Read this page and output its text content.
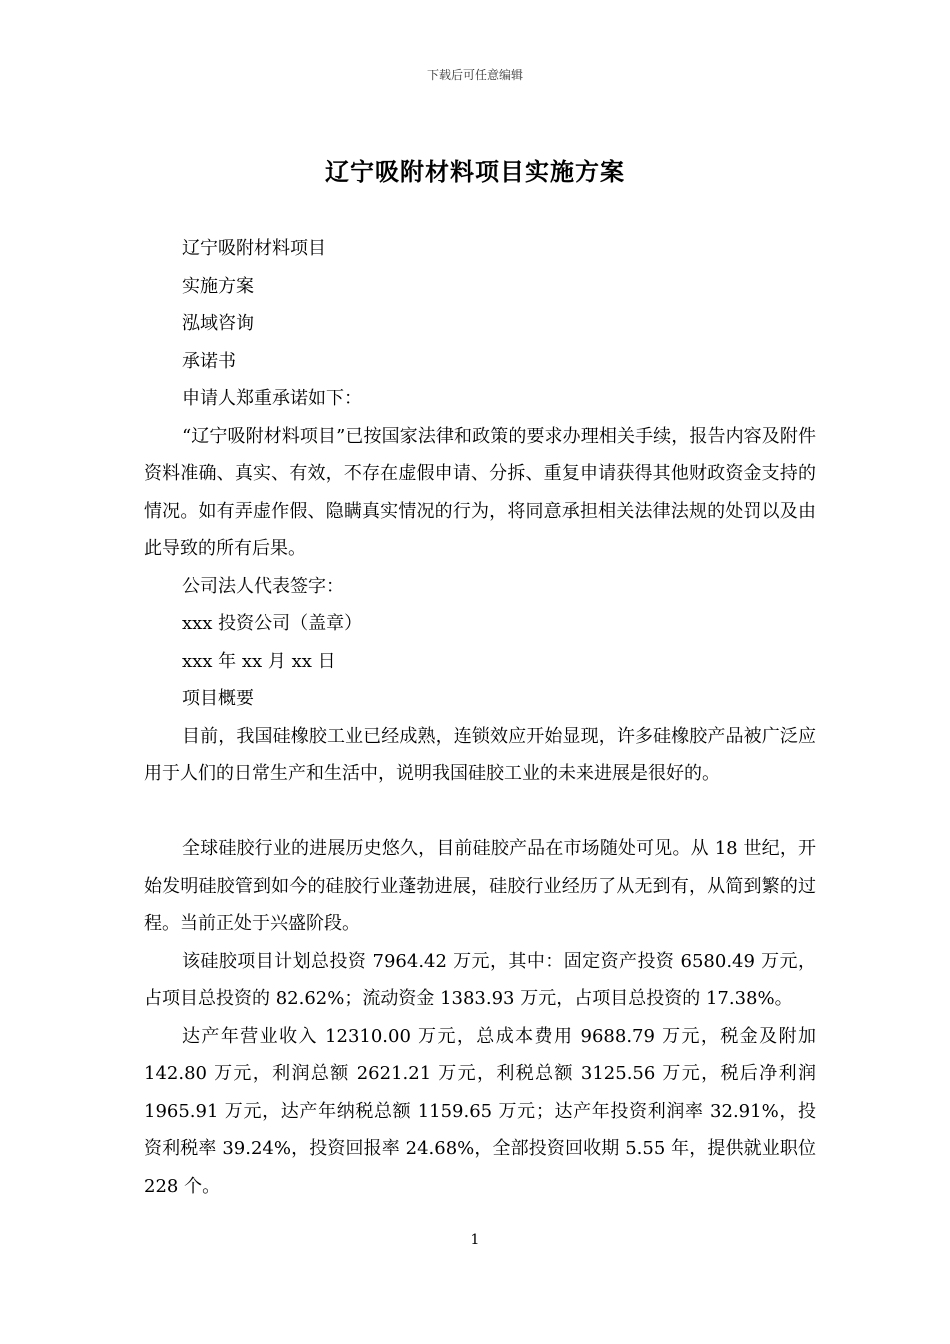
下载后可任意编辑
辽宁吸附材料项目实施方案

辽宁吸附材料项目

实施方案

泓域咨询

承诺书

申请人郑重承诺如下：

“辽宁吸附材料项目”已按国家法律和政策的要求办理相关手续，报告内容及附件资料准确、真实、有效，不存在虚假申请、分拆、重复申请获得其他财政资金支持的情况。如有弄虚作假、隐瞒真实情况的行为，将同意承担相关法律法规的处罚以及由此导致的所有后果。

公司法人代表签字：

xxx 投资公司（盖章）

xxx 年 xx 月 xx 日

项目概要

目前，我国硅橡胶工业已经成熟，连锁效应开始显现，许多硅橡胶产品被广泛应用于人们的日常生产和生活中，说明我国硅胶工业的未来进展是很好的。

全球硅胶行业的进展历史悠久，目前硅胶产品在市场随处可见。从 18 世纪，开始发明硅胶管到如今的硅胶行业蓬勃进展，硅胶行业经历了从无到有，从简到繁的过程。当前正处于兴盛阶段。

该硅胶项目计划总投资 7964.42 万元，其中：固定资产投资 6580.49 万元，占项目总投资的 82.62%；流动资金 1383.93 万元，占项目总投资的 17.38%。

达产年营业收入 12310.00 万元，总成本费用 9688.79 万元，税金及附加 142.80 万元，利润总额 2621.21 万元，利税总额 3125.56 万元，税后净利润 1965.91 万元，达产年纳税总额 1159.65 万元；达产年投资利润率 32.91%，投资利税率 39.24%，投资回报率 24.68%，全部投资回收期 5.55 年，提供就业职位 228 个。

1
